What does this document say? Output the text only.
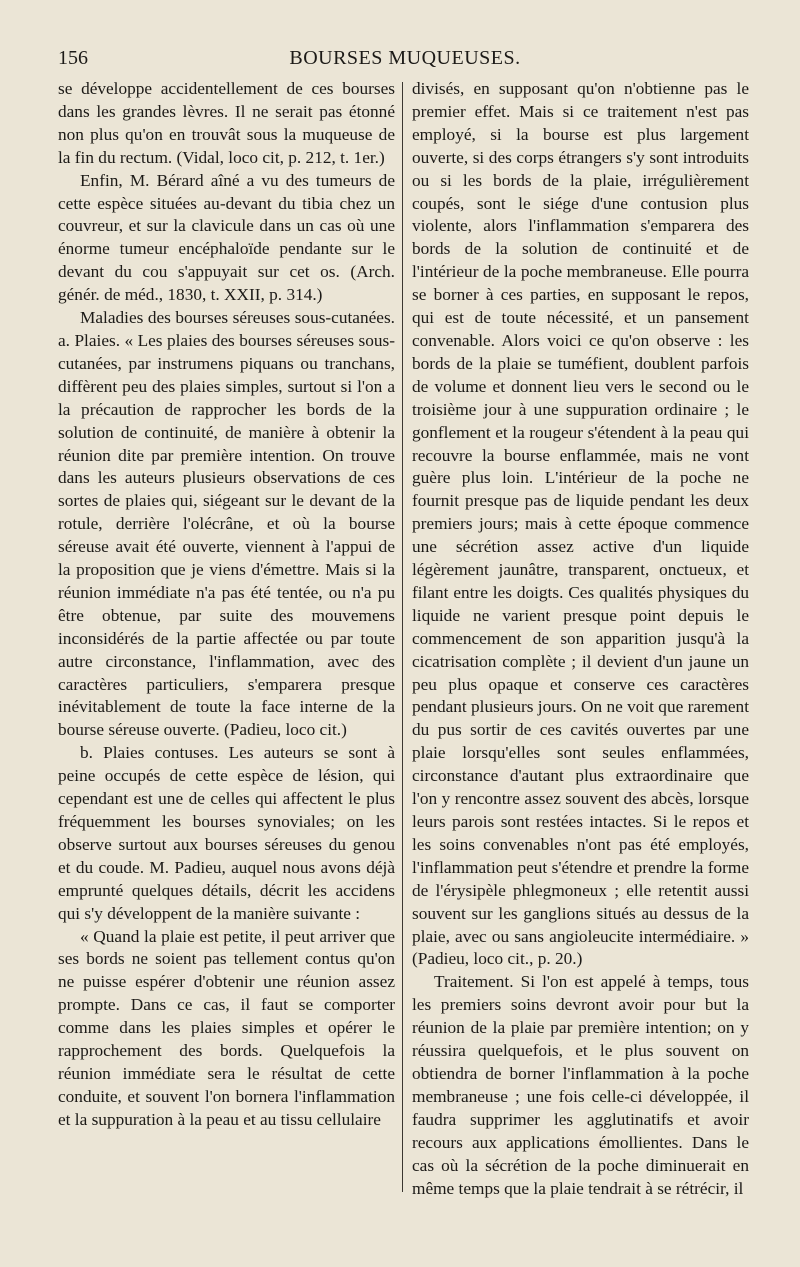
156	BOURSES MUQUEUSES.

se développe accidentellement de ces bourses dans les grandes lèvres. Il ne serait pas étonné non plus qu'on en trouvât sous la muqueuse de la fin du rectum. (Vidal, loco cit, p. 212, t. 1er.)

Enfin, M. Bérard aîné a vu des tumeurs de cette espèce situées au-devant du tibia chez un couvreur, et sur la clavicule dans un cas où une énorme tumeur encéphaloïde pendante sur le devant du cou s'appuyait sur cet os. (Arch. génér. de méd., 1830, t. XXII, p. 314.)

Maladies des bourses séreuses sous-cutanées. a. Plaies. « Les plaies des bourses séreuses sous-cutanées, par instrumens piquans ou tranchans, diffèrent peu des plaies simples, surtout si l'on a la précaution de rapprocher les bords de la solution de continuité, de manière à obtenir la réunion dite par première intention. On trouve dans les auteurs plusieurs observations de ces sortes de plaies qui, siégeant sur le devant de la rotule, derrière l'olécrâne, et où la bourse séreuse avait été ouverte, viennent à l'appui de la proposition que je viens d'émettre. Mais si la réunion immédiate n'a pas été tentée, ou n'a pu être obtenue, par suite des mouvemens inconsidérés de la partie affectée ou par toute autre circonstance, l'inflammation, avec des caractères particuliers, s'emparera presque inévitablement de toute la face interne de la bourse séreuse ouverte. (Padieu, loco cit.)

b. Plaies contuses. Les auteurs se sont à peine occupés de cette espèce de lésion, qui cependant est une de celles qui affectent le plus fréquemment les bourses synoviales; on les observe surtout aux bourses séreuses du genou et du coude. M. Padieu, auquel nous avons déjà emprunté quelques détails, décrit les accidens qui s'y développent de la manière suivante :

« Quand la plaie est petite, il peut arriver que ses bords ne soient pas tellement contus qu'on ne puisse espérer d'obtenir une réunion assez prompte. Dans ce cas, il faut se comporter comme dans les plaies simples et opérer le rapprochement des bords. Quelquefois la réunion immédiate sera le résultat de cette conduite, et souvent l'on bornera l'inflammation et la suppuration à la peau et au tissu cellulaire

divisés, en supposant qu'on n'obtienne pas le premier effet. Mais si ce traitement n'est pas employé, si la bourse est plus largement ouverte, si des corps étrangers s'y sont introduits ou si les bords de la plaie, irrégulièrement coupés, sont le siége d'une contusion plus violente, alors l'inflammation s'emparera des bords de la solution de continuité et de l'intérieur de la poche membraneuse. Elle pourra se borner à ces parties, en supposant le repos, qui est de toute nécessité, et un pansement convenable. Alors voici ce qu'on observe : les bords de la plaie se tuméfient, doublent parfois de volume et donnent lieu vers le second ou le troisième jour à une suppuration ordinaire ; le gonflement et la rougeur s'étendent à la peau qui recouvre la bourse enflammée, mais ne vont guère plus loin. L'intérieur de la poche ne fournit presque pas de liquide pendant les deux premiers jours; mais à cette époque commence une sécrétion assez active d'un liquide légèrement jaunâtre, transparent, onctueux, et filant entre les doigts. Ces qualités physiques du liquide ne varient presque point depuis le commencement de son apparition jusqu'à la cicatrisation complète ; il devient d'un jaune un peu plus opaque et conserve ces caractères pendant plusieurs jours. On ne voit que rarement du pus sortir de ces cavités ouvertes par une plaie lorsqu'elles sont seules enflammées, circonstance d'autant plus extraordinaire que l'on y rencontre assez souvent des abcès, lorsque leurs parois sont restées intactes. Si le repos et les soins convenables n'ont pas été employés, l'inflammation peut s'étendre et prendre la forme de l'érysipèle phlegmoneux ; elle retentit aussi souvent sur les ganglions situés au dessus de la plaie, avec ou sans angioleucite intermédiaire. » (Padieu, loco cit., p. 20.)

Traitement. Si l'on est appelé à temps, tous les premiers soins devront avoir pour but la réunion de la plaie par première intention; on y réussira quelquefois, et le plus souvent on obtiendra de borner l'inflammation à la poche membraneuse ; une fois celle-ci développée, il faudra supprimer les agglutinatifs et avoir recours aux applications émollientes. Dans le cas où la sécrétion de la poche diminuerait en même temps que la plaie tendrait à se rétrécir, il
